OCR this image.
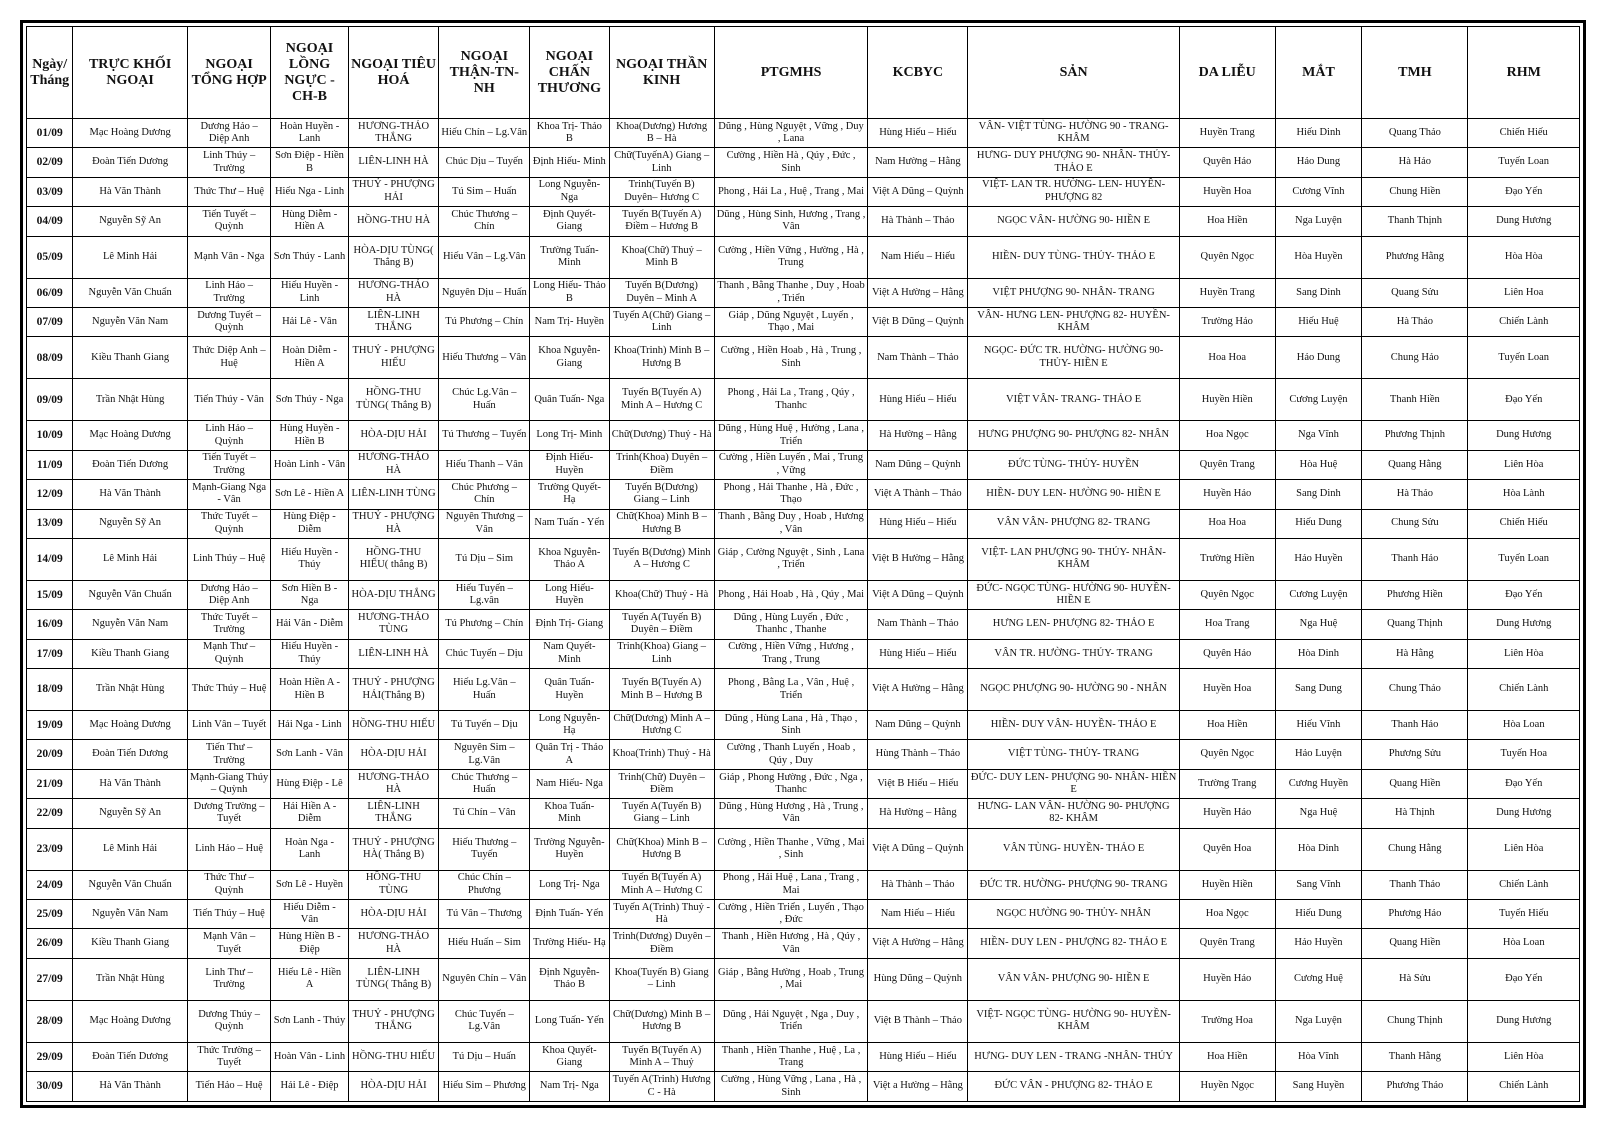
Ngày/ Tháng	TRỰC KHỐI NGOẠI	NGOẠI TỔNG HỢP	NGOẠI LỒNG NGỰC -CH-B	NGOẠI TIÊU HOÁ	NGOẠI THẬN-TN-NH	NGOẠI CHẤN THƯƠNG	NGOẠI THẦN KINH	PTGMHS	KCBYC	SẢN	DA LIỄU	MẮT	TMH	RHM
01/09	Mạc Hoàng Dương	Dương Hảo – Diệp Anh	Hoàn Huyền - Lanh	HƯƠNG-THẢO THẮNG	Hiếu Chín – Lg.Vân	Khoa Trị- Thảo B	Khoa(Dương) Hương B – Hà	Dũng , Hùng Nguyệt , Vững , Duy , Lana	Hùng Hiếu – Hiếu	VÂN- VIỆT TÙNG- HƯỜNG 90 - TRANG- KHÂM	Huyền Trang	Hiếu Dinh	Quang Thảo	Chiến Hiếu
02/09	Đoàn Tiến Dương	Linh Thúy – Trường	Sơn Điệp - Hiền B	LIÊN-LINH HÀ	Chúc Dịu – Tuyến	Định Hiếu- Minh	Chữ(TuyếnA) Giang – Linh	Cường , Hiền Hà , Qúy , Đức , Sinh	Nam Hường – Hằng	HƯNG- DUY PHƯỢNG 90- NHÂN- THỦY- THẢO E	Quyên Hảo	Hảo Dung	Hà Hảo	Tuyến Loan
03/09	Hà Văn Thành	Thức Thư – Huệ	Hiếu Nga - Linh	THUỶ - PHƯỢNG HẢI	Tú Sim – Huấn	Long Nguyễn- Nga	Trinh(Tuyến B) Duyên– Hương C	Phong , Hải La , Huệ , Trang , Mai	Việt A Dũng – Quỳnh	VIỆT- LAN TR. HƯỜNG- LEN- HUYỀN- PHƯỢNG 82	Huyền Hoa	Cương Vĩnh	Chung Hiền	Đạo Yến
04/09	Nguyễn Sỹ An	Tiến Tuyết – Quỳnh	Hùng Diễm - Hiền A	HỒNG-THU HÀ	Chúc Thương – Chín	Định Quyết- Giang	Tuyến B(Tuyến A) Điềm – Hương B	Dũng , Hùng Sinh, Hương , Trang , Vân	Hà Thành – Thảo	NGỌC VÂN- HƯỜNG 90- HIỀN E	Hoa Hiền	Nga Luyện	Thanh Thịnh	Dung Hương
05/09	Lê Minh Hải	Mạnh Vân - Nga	Sơn Thúy - Lanh	HÒA-DỊU TÙNG( Thắng B)	Hiếu Vân – Lg.Vân	Trường Tuấn- Minh	Khoa(Chữ) Thuỷ – Minh B	Cường , Hiền Vững , Hường , Hà , Trung	Nam Hiếu – Hiếu	HIỀN- DUY TÙNG- THỦY- THẢO E	Quyên Ngọc	Hòa Huyền	Phương Hằng	Hòa Hòa
06/09	Nguyễn Văn Chuẩn	Linh Hảo – Trường	Hiếu Huyền - Linh	HƯƠNG-THẢO HÀ	Nguyên Dịu – Huấn	Long Hiếu- Thảo B	Tuyến B(Dương) Duyên – Minh A	Thanh , Bằng Thanhe , Duy , Hoab , Triển	Việt A Hường – Hằng	VIỆT PHƯỢNG 90- NHÂN- TRANG	Huyền Trang	Sang Dinh	Quang Sửu	Liên Hoa
07/09	Nguyễn Văn Nam	Dương Tuyết – Quỳnh	Hải Lê - Vân	LIÊN-LINH THẮNG	Tú Phương – Chín	Nam Trị- Huyền	Tuyến A(Chữ) Giang – Linh	Giáp , Dũng Nguyệt , Luyến , Thạo , Mai	Việt B Dũng – Quỳnh	VÂN- HƯNG LEN- PHƯỢNG 82- HUYỀN- KHÂM	Trường Hảo	Hiếu Huệ	Hà Thảo	Chiến Lành
08/09	Kiều Thanh Giang	Thức Diệp Anh – Huệ	Hoàn Diễm - Hiền A	THUỶ - PHƯỢNG HIẾU	Hiếu Thương – Vân	Khoa Nguyễn- Giang	Khoa(Trinh) Minh B – Hương B	Cường , Hiền Hoab , Hà , Trung , Sinh	Nam Thành – Thảo	NGỌC- ĐỨC TR. HƯỜNG- HƯỜNG 90- THỦY- HIỀN E	Hoa Hoa	Hảo Dung	Chung Hảo	Tuyến Loan
09/09	Trần Nhật Hùng	Tiến Thúy - Vân	Sơn Thúy - Nga	HỒNG-THU TÙNG( Thắng B)	Chúc Lg.Vân – Huấn	Quân Tuấn- Nga	Tuyến B(Tuyến A) Minh A – Hương C	Phong , Hải La , Trang , Qúy , Thanhc	Hùng Hiếu – Hiếu	VIỆT VÂN- TRANG- THẢO E	Huyền Hiền	Cương Luyện	Thanh Hiền	Đạo Yến
10/09	Mạc Hoàng Dương	Linh Hảo – Quỳnh	Hùng Huyền - Hiền B	HÒA-DỊU HẢI	Tú Thương – Tuyến	Long Trị- Minh	Chữ(Dương) Thuỷ - Hà	Dũng , Hùng Huệ , Hường , Lana , Triển	Hà Hường – Hằng	HƯNG PHƯỢNG 90- PHƯỢNG 82- NHÂN	Hoa Ngọc	Nga Vĩnh	Phương Thịnh	Dung Hương
11/09	Đoàn Tiến Dương	Tiến Tuyết – Trường	Hoàn Linh - Vân	HƯƠNG-THẢO HÀ	Hiếu Thanh – Vân	Định Hiếu- Huyền	Trinh(Khoa) Duyên – Điềm	Cường , Hiền Luyến , Mai , Trung , Vững	Nam Dũng – Quỳnh	ĐỨC TÙNG- THỦY- HUYỀN	Quyên Trang	Hòa Huệ	Quang Hằng	Liên Hòa
12/09	Hà Văn Thành	Mạnh-Giang Nga - Vân	Sơn Lê - Hiền A	LIÊN-LINH TÙNG	Chúc Phương – Chín	Trường Quyết- Hạ	Tuyến B(Dương) Giang – Linh	Phong , Hải Thanhe , Hà , Đức , Thạo	Việt A Thành – Thảo	HIỀN- DUY LEN- HƯỜNG 90- HIỀN E	Huyền Hảo	Sang Dinh	Hà Thảo	Hòa Lành
13/09	Nguyễn Sỹ An	Thức Tuyết – Quỳnh	Hùng Điệp - Diễm	THUỶ - PHƯỢNG HÀ	Nguyên Thương – Vân	Nam Tuấn - Yến	Chữ(Khoa) Minh B – Hương B	Thanh , Bằng Duy , Hoab , Hương , Vân	Hùng Hiếu – Hiếu	VÂN VÂN- PHƯỢNG 82- TRANG	Hoa Hoa	Hiếu Dung	Chung Sửu	Chiến Hiếu
14/09	Lê Minh Hải	Linh Thúy – Huệ	Hiếu Huyền - Thúy	HỒNG-THU HIẾU( thắng B)	Tú Dịu – Sim	Khoa Nguyễn- Thảo A	Tuyến B(Dương) Minh A – Hương C	Giáp , Cường Nguyệt , Sinh , Lana , Triển	Việt B Hường – Hằng	VIỆT- LAN PHƯỢNG 90- THỦY- NHÂN- KHÂM	Trường Hiền	Hảo Huyền	Thanh Hảo	Tuyến Loan
15/09	Nguyễn Văn Chuẩn	Dương Hảo – Diệp Anh	Sơn Hiền B - Nga	HÒA-DỊU THẮNG	Hiếu Tuyến – Lg.vân	Long Hiếu- Huyền	Khoa(Chữ) Thuỷ - Hà	Phong , Hải Hoab , Hà , Qúy , Mai	Việt A Dũng – Quỳnh	ĐỨC- NGỌC TÙNG- HƯỜNG 90- HUYỀN- HIỀN E	Quyên Ngọc	Cương Luyện	Phương Hiền	Đạo Yến
16/09	Nguyễn Văn Nam	Thức Tuyết – Trường	Hải Vân - Diễm	HƯƠNG-THẢO TÙNG	Tú Phương – Chín	Định Trị- Giang	Tuyến A(Tuyến B) Duyên – Điềm	Dũng , Hùng Luyến , Đức , Thanhc , Thanhe	Nam Thành – Thảo	HƯNG LEN- PHƯỢNG 82- THẢO E	Hoa Trang	Nga Huệ	Quang Thịnh	Dung Hương
17/09	Kiều Thanh Giang	Mạnh Thư – Quỳnh	Hiếu Huyền - Thúy	LIÊN-LINH HÀ	Chúc Tuyến – Dịu	Nam Quyết- Minh	Trinh(Khoa) Giang – Linh	Cường , Hiền Vững , Hương , Trang , Trung	Hùng Hiếu – Hiếu	VÂN TR. HƯỜNG- THỦY- TRANG	Quyên Hảo	Hòa Dinh	Hà Hằng	Liên Hòa
18/09	Trần Nhật Hùng	Thức Thúy – Huệ	Hoàn Hiền A - Hiền B	THUỶ - PHƯỢNG HẢI(Thắng B)	Hiếu Lg.Vân – Huấn	Quân Tuấn- Huyền	Tuyến B(Tuyến A) Minh B – Hương B	Phong , Bằng La , Vân , Huệ , Triển	Việt A Hường – Hằng	NGỌC PHƯỢNG 90- HƯỜNG 90 - NHÂN	Huyền Hoa	Sang Dung	Chung Thảo	Chiến Lành
19/09	Mạc Hoàng Dương	Linh Vân – Tuyết	Hải Nga - Linh	HỒNG-THU HIẾU	Tú Tuyến – Dịu	Long Nguyễn- Hạ	Chữ(Dương) Minh A – Hương C	Dũng , Hùng Lana , Hà , Thạo , Sinh	Nam Dũng – Quỳnh	HIỀN- DUY VÂN- HUYỀN- THẢO E	Hoa Hiền	Hiếu Vĩnh	Thanh Hảo	Hòa Loan
20/09	Đoàn Tiến Dương	Tiến Thư – Trường	Sơn Lanh - Vân	HÒA-DỊU HẢI	Nguyên Sim – Lg.Vân	Quân Trị - Thảo A	Khoa(Trinh) Thuỷ - Hà	Cường , Thanh Luyến , Hoab , Qúy , Duy	Hùng Thành – Thảo	VIỆT TÙNG- THỦY- TRANG	Quyên Ngọc	Hảo Luyện	Phương Sửu	Tuyến Hoa
21/09	Hà Văn Thành	Mạnh-Giang Thúy – Quỳnh	Hùng Điệp - Lê	HƯƠNG-THẢO HÀ	Chúc Thương – Huấn	Nam Hiếu- Nga	Trinh(Chữ) Duyên – Điềm	Giáp , Phong Hường , Đức , Nga , Thanhc	Việt B Hiếu – Hiếu	ĐỨC- DUY LEN- PHƯỢNG 90- NHÂN- HIỀN E	Trường Trang	Cương Huyền	Quang Hiền	Đạo Yến
22/09	Nguyễn Sỹ An	Dương Trường – Tuyết	Hải Hiền A - Diễm	LIÊN-LINH THẮNG	Tú Chín – Vân	Khoa Tuấn- Minh	Tuyến A(Tuyến B) Giang – Linh	Dũng , Hùng Hương , Hà , Trung , Vân	Hà Hường – Hằng	HƯNG- LAN VÂN- HƯỜNG 90- PHƯỢNG 82- KHÂM	Huyền Hảo	Nga Huệ	Hà Thịnh	Dung Hương
23/09	Lê Minh Hải	Linh Hảo – Huệ	Hoàn Nga - Lanh	THUỶ - PHƯỢNG HÀ( Thắng B)	Hiếu Thương – Tuyến	Trường Nguyễn- Huyền	Chữ(Khoa) Minh B – Hương B	Cường , Hiền Thanhe , Vững , Mai , Sinh	Việt A Dũng – Quỳnh	VÂN TÙNG- HUYỀN- THẢO E	Quyên Hoa	Hòa Dinh	Chung Hằng	Liên Hòa
24/09	Nguyễn Văn Chuẩn	Thức Thư – Quỳnh	Sơn Lê - Huyền	HỒNG-THU TÙNG	Chúc Chín – Phương	Long Trị- Nga	Tuyến B(Tuyến A) Minh A – Hương C	Phong , Hải Huệ , Lana , Trang , Mai	Hà Thành – Thảo	ĐỨC TR. HƯỜNG- PHƯỢNG 90- TRANG	Huyền Hiền	Sang Vĩnh	Thanh Thảo	Chiến Lành
25/09	Nguyễn Văn Nam	Tiến Thúy – Huệ	Hiếu Diễm - Vân	HÒA-DỊU HẢI	Tú Vân – Thương	Định Tuấn- Yến	Tuyến A(Trinh) Thuỷ - Hà	Cường , Hiền Triển , Luyến , Thạo , Đức	Nam Hiếu – Hiếu	NGỌC HƯỜNG 90- THỦY- NHÂN	Hoa Ngọc	Hiếu Dung	Phương Hảo	Tuyến Hiếu
26/09	Kiều Thanh Giang	Mạnh Vân – Tuyết	Hùng Hiền B - Điệp	HƯƠNG-THẢO HÀ	Hiếu Huấn – Sim	Trường Hiếu- Hạ	Trinh(Dương) Duyên – Điềm	Thanh , Hiền Hương , Hà , Qúy , Vân	Việt A Hường – Hằng	HIỀN- DUY LEN - PHƯỢNG 82- THẢO E	Quyên Trang	Hảo Huyền	Quang Hiền	Hòa Loan
27/09	Trần Nhật Hùng	Linh Thư – Trường	Hiếu Lê - Hiền A	LIÊN-LINH TÙNG( Thắng B)	Nguyên Chín – Vân	Định Nguyễn- Thảo B	Khoa(Tuyến B) Giang – Linh	Giáp , Bằng Hường , Hoab , Trung , Mai	Hùng Dũng – Quỳnh	VÂN VÂN- PHƯỢNG 90- HIỀN E	Huyền Hảo	Cương Huệ	Hà Sửu	Đạo Yến
28/09	Mạc Hoàng Dương	Dương Thúy – Quỳnh	Sơn Lanh - Thúy	THUỶ - PHƯỢNG THẮNG	Chúc Tuyến – Lg.Vân	Long Tuấn- Yến	Chữ(Dương) Minh B – Hương B	Dũng , Hải Nguyệt , Nga , Duy , Triển	Việt B Thành – Thảo	VIỆT- NGỌC TÙNG- HƯỜNG 90- HUYỀN- KHÂM	Trường Hoa	Nga Luyện	Chung Thịnh	Dung Hương
29/09	Đoàn Tiến Dương	Thức Trường – Tuyết	Hoàn Vân - Linh	HỒNG-THU HIẾU	Tú Dịu – Huấn	Khoa Quyết- Giang	Tuyến B(Tuyến A) Minh A – Thuỷ	Thanh , Hiền Thanhe , Huệ , La , Trang	Hùng Hiếu – Hiếu	HƯNG- DUY LEN - TRANG -NHÂN- THỦY	Hoa Hiền	Hòa Vĩnh	Thanh Hằng	Liên Hòa
30/09	Hà Văn Thành	Tiến Hảo – Huệ	Hải Lê - Điệp	HÒA-DỊU HẢI	Hiếu Sim – Phương	Nam Trị- Nga	Tuyến A(Trinh) Hương C - Hà	Cường , Hùng Vững , Lana , Hà , Sinh	Việt a Hường – Hằng	ĐỨC VÂN - PHƯỢNG 82- THẢO E	Huyền Ngọc	Sang Huyền	Phương Thảo	Chiến Lành
